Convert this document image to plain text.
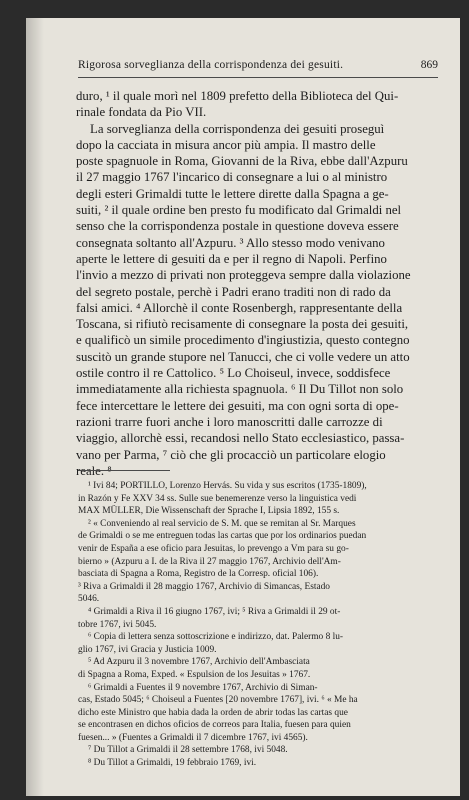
Rigorosa sorveglianza della corrispondenza dei gesuiti.	869

duro, ¹ il quale morì nel 1809 prefetto della Biblioteca del Qui-
rinale fondata da Pio VII.

La sorveglianza della corrispondenza dei gesuiti proseguì
dopo la cacciata in misura ancor più ampia. Il mastro delle
poste spagnuole in Roma, Giovanni de la Riva, ebbe dall'Azpuru
il 27 maggio 1767 l'incarico di consegnare a lui o al ministro
degli esteri Grimaldi tutte le lettere dirette dalla Spagna a ge-
suiti, ² il quale ordine ben presto fu modificato dal Grimaldi nel
senso che la corrispondenza postale in questione doveva essere
consegnata soltanto all'Azpuru. ³ Allo stesso modo venivano
aperte le lettere di gesuiti da e per il regno di Napoli. Perfino
l'invio a mezzo di privati non proteggeva sempre dalla violazione
del segreto postale, perchè i Padri erano traditi non di rado da
falsi amici. ⁴ Allorchè il conte Rosenbergh, rappresentante della
Toscana, si rifiutò recisamente di consegnare la posta dei gesuiti,
e qualificò un simile procedimento d'ingiustizia, questo contegno
suscitò un grande stupore nel Tanucci, che ci volle vedere un atto
ostile contro il re Cattolico. ⁵ Lo Choiseul, invece, soddisfece
immediatamente alla richiesta spagnuola. ⁶ Il Du Tillot non solo
fece intercettare le lettere dei gesuiti, ma con ogni sorta di ope-
razioni trarre fuori anche i loro manoscritti dalle carrozze di
viaggio, allorchè essi, recandosi nello Stato ecclesiastico, passa-
vano per Parma, ⁷ ciò che gli procacciò un particolare elogio
reale. ⁸

¹ Ivi 84; PORTILLO, Lorenzo Hervás. Su vida y sus escritos (1735-1809),
in Razón y Fe XXV 34 ss. Sulle sue benemerenze verso la linguistica vedi
MAX MÜLLER, Die Wissenschaft der Sprache I, Lipsia 1892, 155 s.
² « Conveniendo al real servicio de S. M. que se remitan al Sr. Marques
de Grimaldi o se me entreguen todas las cartas que por los ordinarios puedan
venir de España a ese oficio para Jesuitas, lo prevengo a Vm para su go-
bierno » (Azpuru a I. de la Riva il 27 maggio 1767, Archivio dell'Am-
basciata di Spagna a Roma, Registro de la Corresp. oficial 106).
³ Riva a Grimaldi il 28 maggio 1767, Archivio di Simancas, Estado
5046.
⁴ Grimaldi a Riva il 16 giugno 1767, ivi; ⁵ Riva a Grimaldi il 29 ot-
tobre 1767, ivi 5045.
⁶ Copia di lettera senza sottoscrizione e indirizzo, dat. Palermo 8 lu-
glio 1767, ivi Gracia y Justicia 1009.
⁵ Ad Azpuru il 3 novembre 1767, Archivio dell'Ambasciata
di Spagna a Roma, Exped. « Espulsion de los Jesuitas » 1767.
⁶ Grimaldi a Fuentes il 9 novembre 1767, Archivio di Siman-
cas, Estado 5045; ⁶ Choiseul a Fuentes [20 novembre 1767], ivi. ⁶ « Me ha
dicho este Ministro que habia dada la orden de abrir todas las cartas que
se encontrasen en dichos oficios de correos para Italia, fuesen para quien
fuesen... » (Fuentes a Grimaldi il 7 dicembre 1767, ivi 4565).
⁷ Du Tillot a Grimaldi il 28 settembre 1768, ivi 5048.
⁸ Du Tillot a Grimaldi, 19 febbraio 1769, ivi.
